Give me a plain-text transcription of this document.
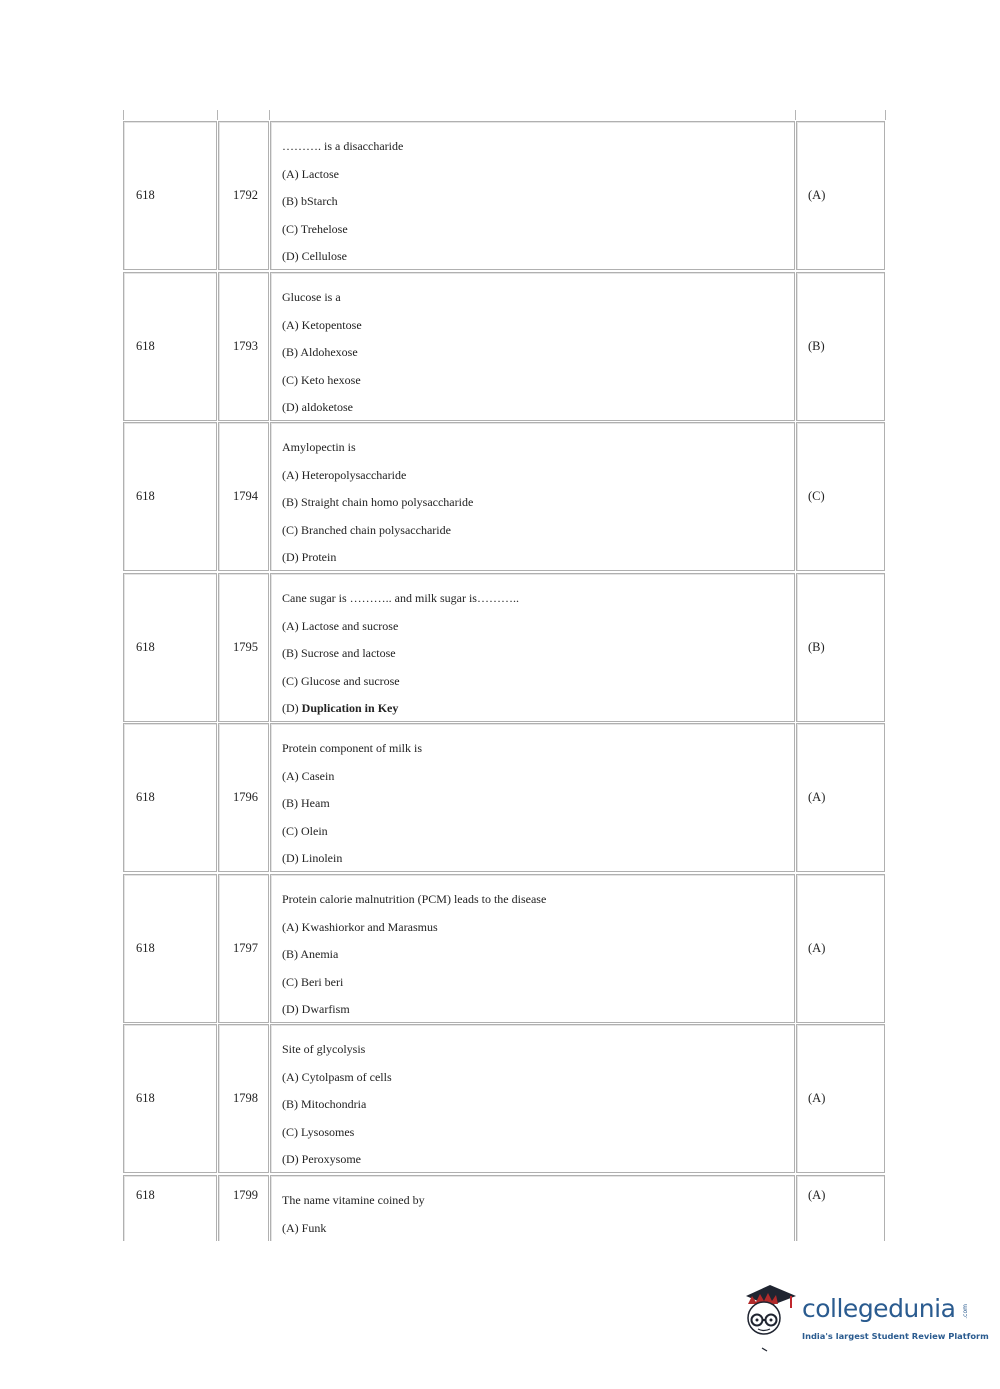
618	1792
………. is a disaccharide
(A) Lactose
(B) bStarch
(C) Trehelose
(D) Cellulose
(A)
618	1793
Glucose is a
(A) Ketopentose
(B) Aldohexose
(C) Keto hexose
(D) aldoketose
(B)
618	1794
Amylopectin is
(A) Heteropolysaccharide
(B) Straight chain homo polysaccharide
(C) Branched chain polysaccharide
(D) Protein
(C)
618	1795
Cane sugar is ……….. and milk sugar is………..
(A) Lactose and sucrose
(B) Sucrose and lactose
(C) Glucose and sucrose
(D) Duplication in Key
(B)
618	1796
Protein component of milk is
(A) Casein
(B) Heam
(C) Olein
(D) Linolein
(A)
618	1797
Protein calorie malnutrition (PCM) leads to the disease
(A) Kwashiorkor and Marasmus
(B) Anemia
(C) Beri beri
(D) Dwarfism
(A)
618	1798
Site of glycolysis
(A) Cytolpasm of cells
(B) Mitochondria
(C) Lysosomes
(D) Peroxysome
(A)
618	1799 The name vitamine coined by
(A) Funk
(A)
collegedunia .com
India's largest Student Review Platform
